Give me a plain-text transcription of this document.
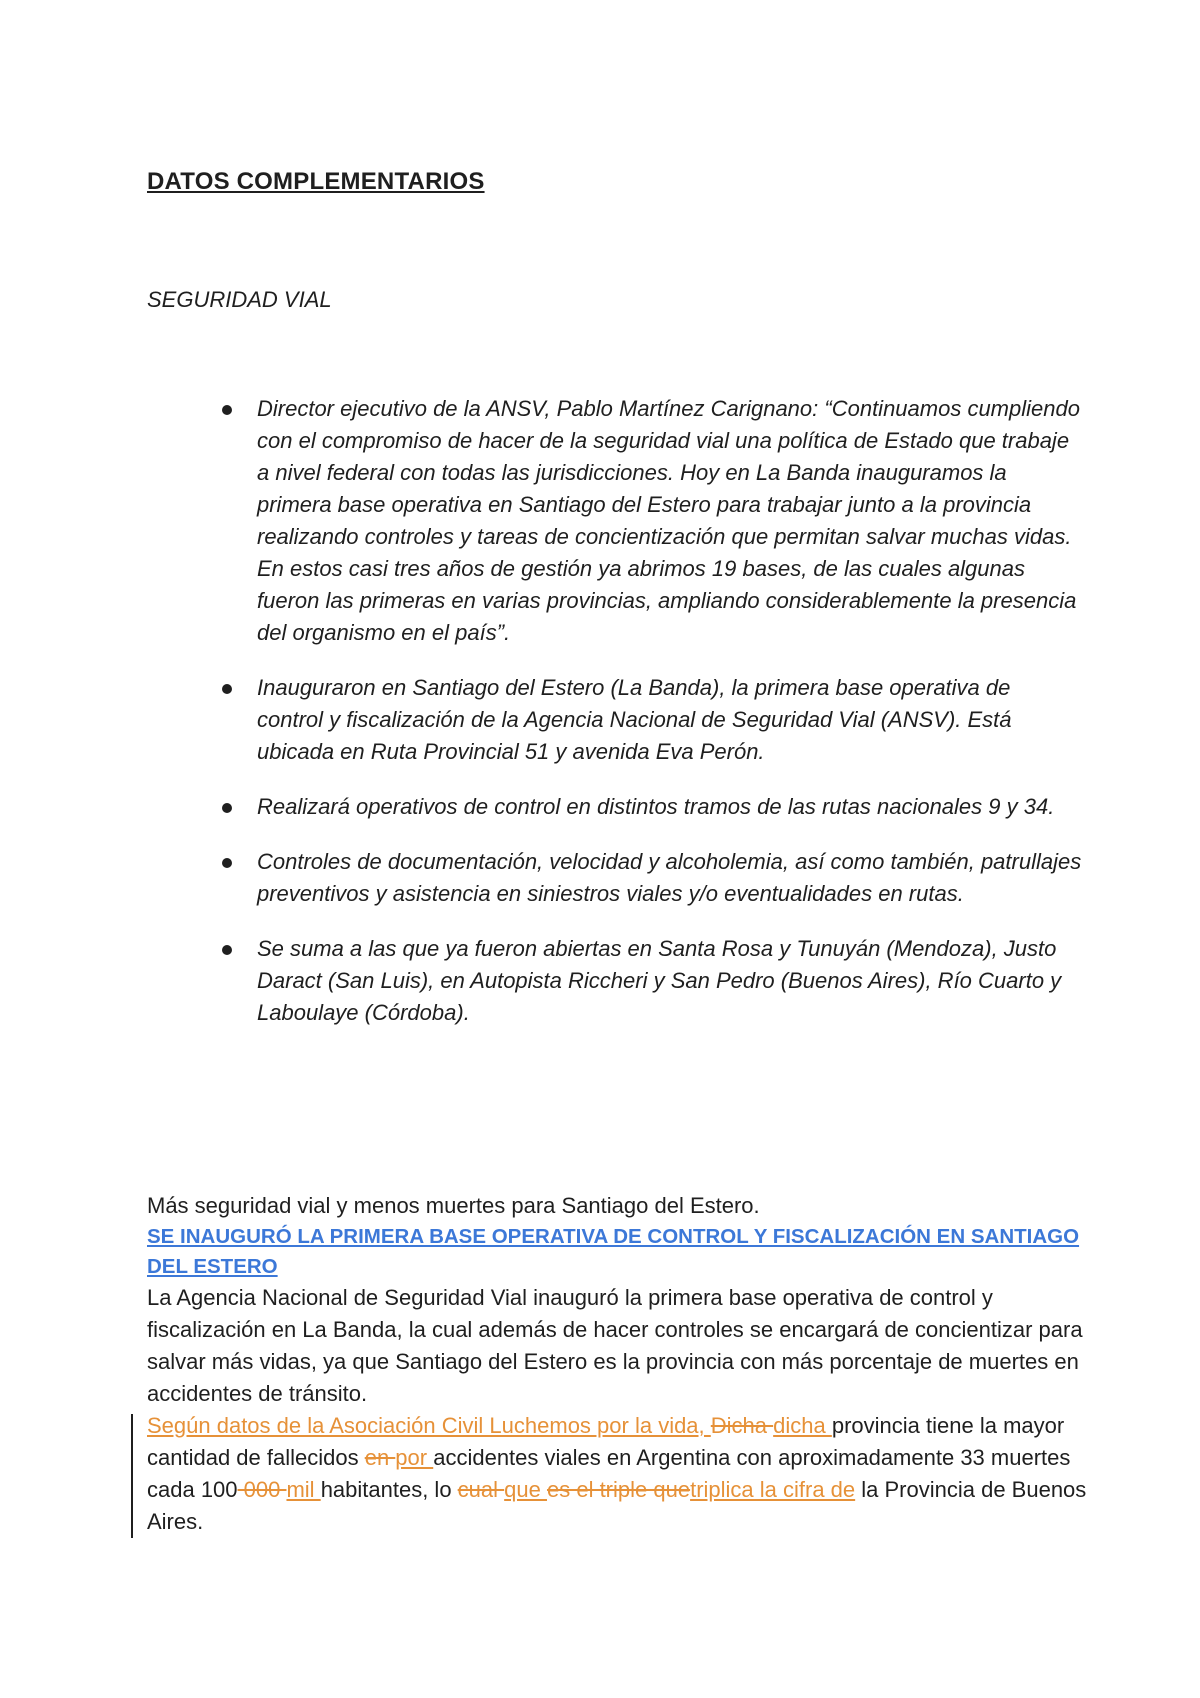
DATOS COMPLEMENTARIOS
SEGURIDAD VIAL
Director ejecutivo de la ANSV, Pablo Martínez Carignano: “Continuamos cumpliendo con el compromiso de hacer de la seguridad vial una política de Estado que trabaje a nivel federal con todas las jurisdicciones. Hoy en La Banda inauguramos la primera base operativa en Santiago del Estero para trabajar junto a la provincia realizando controles y tareas de concientización que permitan salvar muchas vidas. En estos casi tres años de gestión ya abrimos 19 bases, de las cuales algunas fueron las primeras en varias provincias, ampliando considerablemente la presencia del organismo en el país”.
Inauguraron en Santiago del Estero (La Banda), la primera base operativa de control y fiscalización de la Agencia Nacional de Seguridad Vial (ANSV). Está ubicada en Ruta Provincial 51 y avenida Eva Perón.
Realizará operativos de control en distintos tramos de las rutas nacionales 9 y 34.
Controles de documentación, velocidad y alcoholemia, así como también, patrullajes preventivos y asistencia en siniestros viales y/o eventualidades en rutas.
Se suma a las que ya fueron abiertas en Santa Rosa y Tunuyán (Mendoza), Justo Daract (San Luis), en Autopista Riccheri y San Pedro (Buenos Aires), Río Cuarto y Laboulaye (Córdoba).

Más seguridad vial y menos muertes para Santiago del Estero.

SE INAUGURÓ LA PRIMERA BASE OPERATIVA DE CONTROL Y FISCALIZACIÓN EN SANTIAGO DEL ESTERO

La Agencia Nacional de Seguridad Vial inauguró la primera base operativa de control y fiscalización en La Banda, la cual además de hacer controles se encargará de concientizar para salvar más vidas, ya que Santiago del Estero es la provincia con más porcentaje de muertes en accidentes de tránsito.

Según datos de la Asociación Civil Luchemos por la vida, Dicha dicha provincia tiene la mayor cantidad de fallecidos en por accidentes viales en Argentina con aproximadamente 33 muertes cada 100 000 mil habitantes, lo cual que es el triple quetriplica la cifra de la Provincia de Buenos Aires.
